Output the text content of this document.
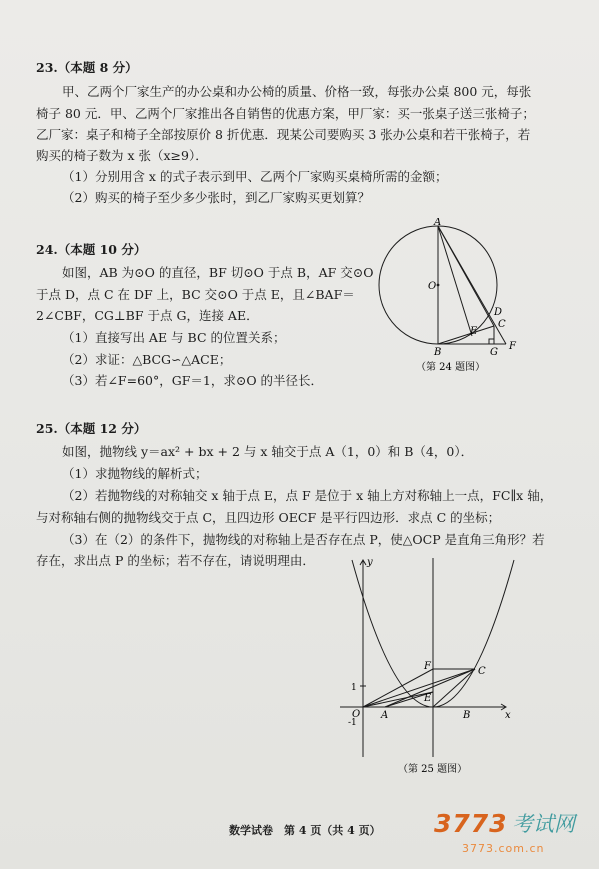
23.（本题 8 分）
甲、乙两个厂家生产的办公桌和办公椅的质量、价格一致，每张办公桌 800 元，每张
椅子 80 元．甲、乙两个厂家推出各自销售的优惠方案，甲厂家：买一张桌子送三张椅子；
乙厂家：桌子和椅子全部按原价 8 折优惠．现某公司要购买 3 张办公桌和若干张椅子，若
购买的椅子数为 x 张（x≥9）．
（1）分别用含 x 的式子表示到甲、乙两个厂家购买桌椅所需的金额；
（2）购买的椅子至少多少张时，到乙厂家购买更划算？
24.（本题 10 分）
如图，AB 为⊙O 的直径，BF 切⊙O 于点 B，AF 交⊙O
于点 D，点 C 在 DF 上，BC 交⊙O 于点 E，且∠BAF＝
2∠CBF，CG⊥BF 于点 G，连接 AE．
（1）直接写出 AE 与 BC 的位置关系；
（2）求证：△BCG∽△ACE；
（3）若∠F=60°，GF＝1，求⊙O 的半径长．
A
O
D
C
E
B	G
F
（第 24 题图）
25.（本题 12 分）
如图，抛物线 y＝ax² + bx + 2 与 x 轴交于点 A（1，0）和 B（4，0）．
（1）求抛物线的解析式；
（2）若抛物线的对称轴交 x 轴于点 E，点 F 是位于 x 轴上方对称轴上一点，FC∥x 轴，
与对称轴右侧的抛物线交于点 C，且四边形 OECF 是平行四边形．求点 C 的坐标；
（3）在（2）的条件下，抛物线的对称轴上是否存在点 P，使△OCP 是直角三角形？若
存在，求出点 P 的坐标；若不存在，请说明理由．	y
x
F	C
E
1
O A	B
-1
（第 25 题图）
数学试卷　第 4 页（共 4 页） 3773 考试网
3773.com.cn
